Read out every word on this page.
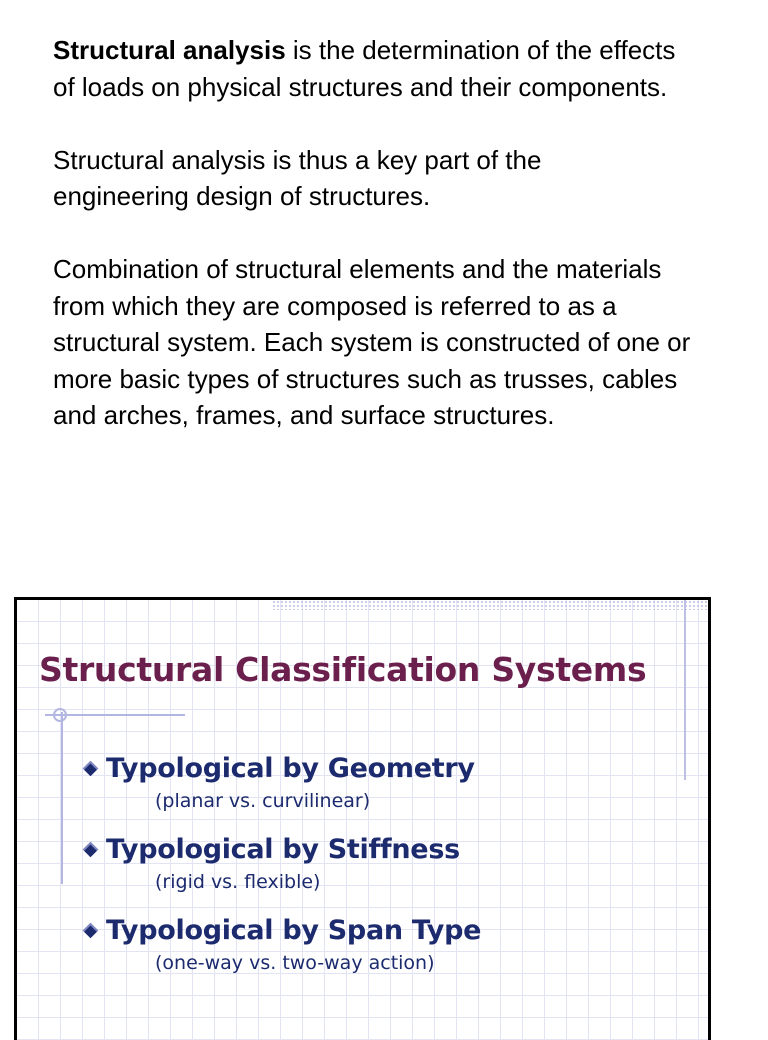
Structural analysis is the determination of the effects of loads on physical structures and their components.

Structural analysis is thus a key part of the engineering design of structures.

Combination of structural elements and the materials from which they are composed is referred to as a structural system. Each system is constructed of one or more basic types of structures such as trusses, cables and arches, frames, and surface structures.

Structural Classification Systems
Typological by Geometry
(planar vs. curvilinear)
Typological by Stiffness
(rigid vs. flexible)
Typological by Span Type
(one-way vs. two-way action)
